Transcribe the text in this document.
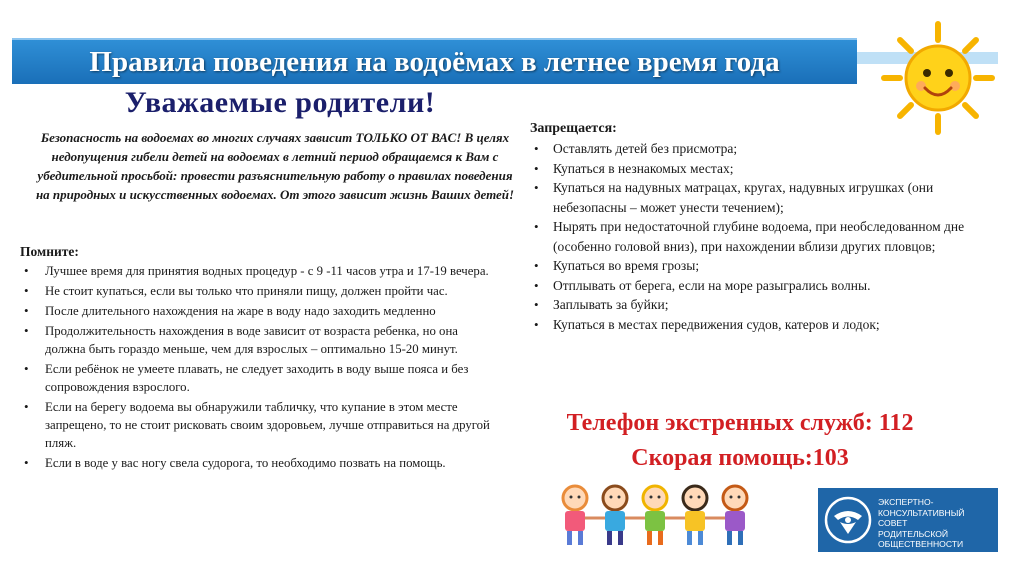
Правила поведения на водоёмах в летнее время года
Уважаемые родители!
Безопасность на водоемах во многих случаях зависит ТОЛЬКО ОТ ВАС! В целях недопущения гибели детей на водоемах в летний период обращаемся к Вам с убедительной просьбой: провести разъяснительную работу о правилах поведения на природных и искусственных водоемах. От этого зависит жизнь Ваших детей!
Помните:
• Лучшее время для принятия водных процедур - с 9 -11 часов утра и 17-19 вечера.
• Не стоит купаться, если вы только что приняли пищу, должен пройти час.
• После длительного нахождения на жаре в воду надо заходить медленно
• Продолжительность нахождения в воде зависит от возраста ребенка, но она должна быть гораздо меньше, чем для взрослых – оптимально 15-20 минут.
• Если ребёнок не умеете плавать, не следует заходить в воду выше пояса и без сопровождения взрослого.
• Если на берегу водоема вы обнаружили табличку, что купание в этом месте запрещено, то не стоит рисковать своим здоровьем, лучше отправиться на другой пляж.
• Если в воде у вас ногу свела судорога, то необходимо позвать на помощь.
Запрещается:
• Оставлять детей без присмотра;
• Купаться в незнакомых местах;
• Купаться на надувных матрацах, кругах, надувных игрушках (они небезопасны – может унести течением);
• Нырять при недостаточной глубине водоема, при необследованном дне (особенно головой вниз), при нахождении вблизи других пловцов;
• Купаться во время грозы;
• Отплывать от берега, если на море разыгрались волны.
• Заплывать за буйки;
• Купаться в местах передвижения судов, катеров и лодок;
Телефон экстренных служб: 112
Скорая помощь:103
ЭКСПЕРТНО-
КОНСУЛЬТАТИВНЫЙ
СОВЕТ
РОДИТЕЛЬСКОЙ
ОБЩЕСТВЕННОСТИ
